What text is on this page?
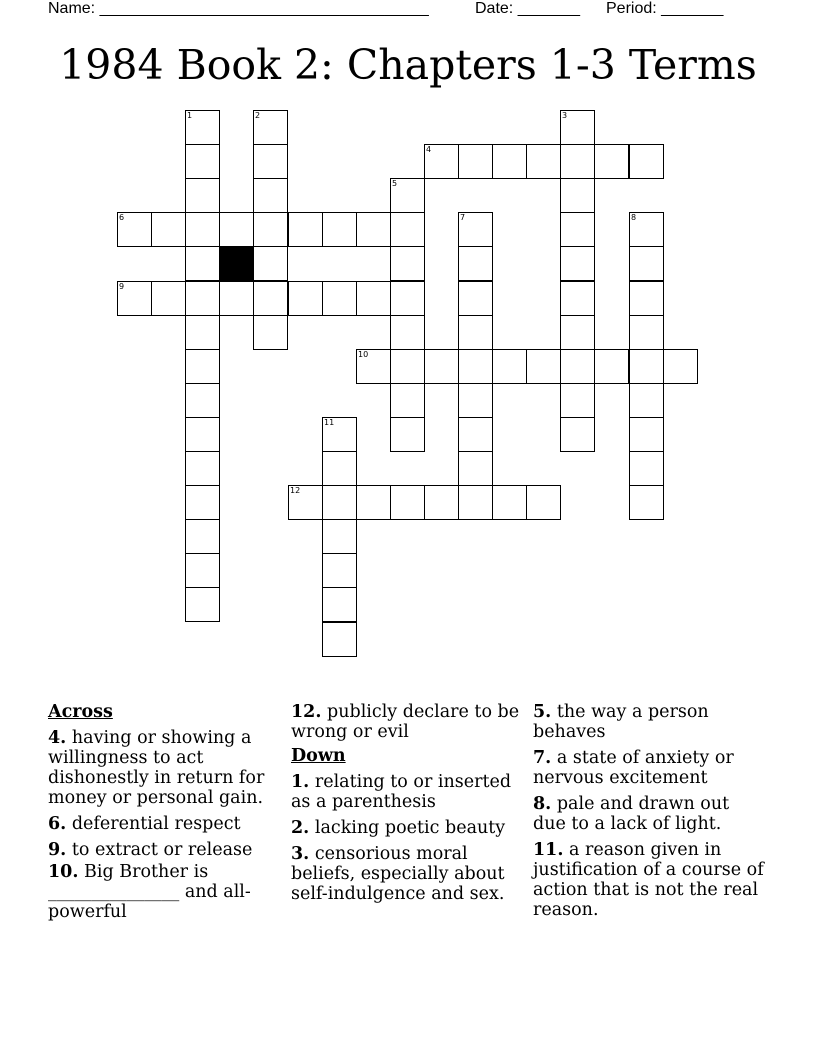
Name: _____________________________________	Date: _______ Period: _______
1984 Book 2: Chapters 1-3 Terms
1	2	3
4
5
6	7	8
9
10
11
12
Across
4. having or showing a willingness to act dishonestly in return for money or personal gain.
6. deferential respect
9. to extract or release
10. Big Brother is _______________ and all-powerful
12. publicly declare to be wrong or evil
Down
1. relating to or inserted as a parenthesis
2. lacking poetic beauty
3. censorious moral beliefs, especially about self-indulgence and sex.
5. the way a person behaves
7. a state of anxiety or nervous excitement
8. pale and drawn out due to a lack of light.
11. a reason given in justification of a course of action that is not the real reason.
